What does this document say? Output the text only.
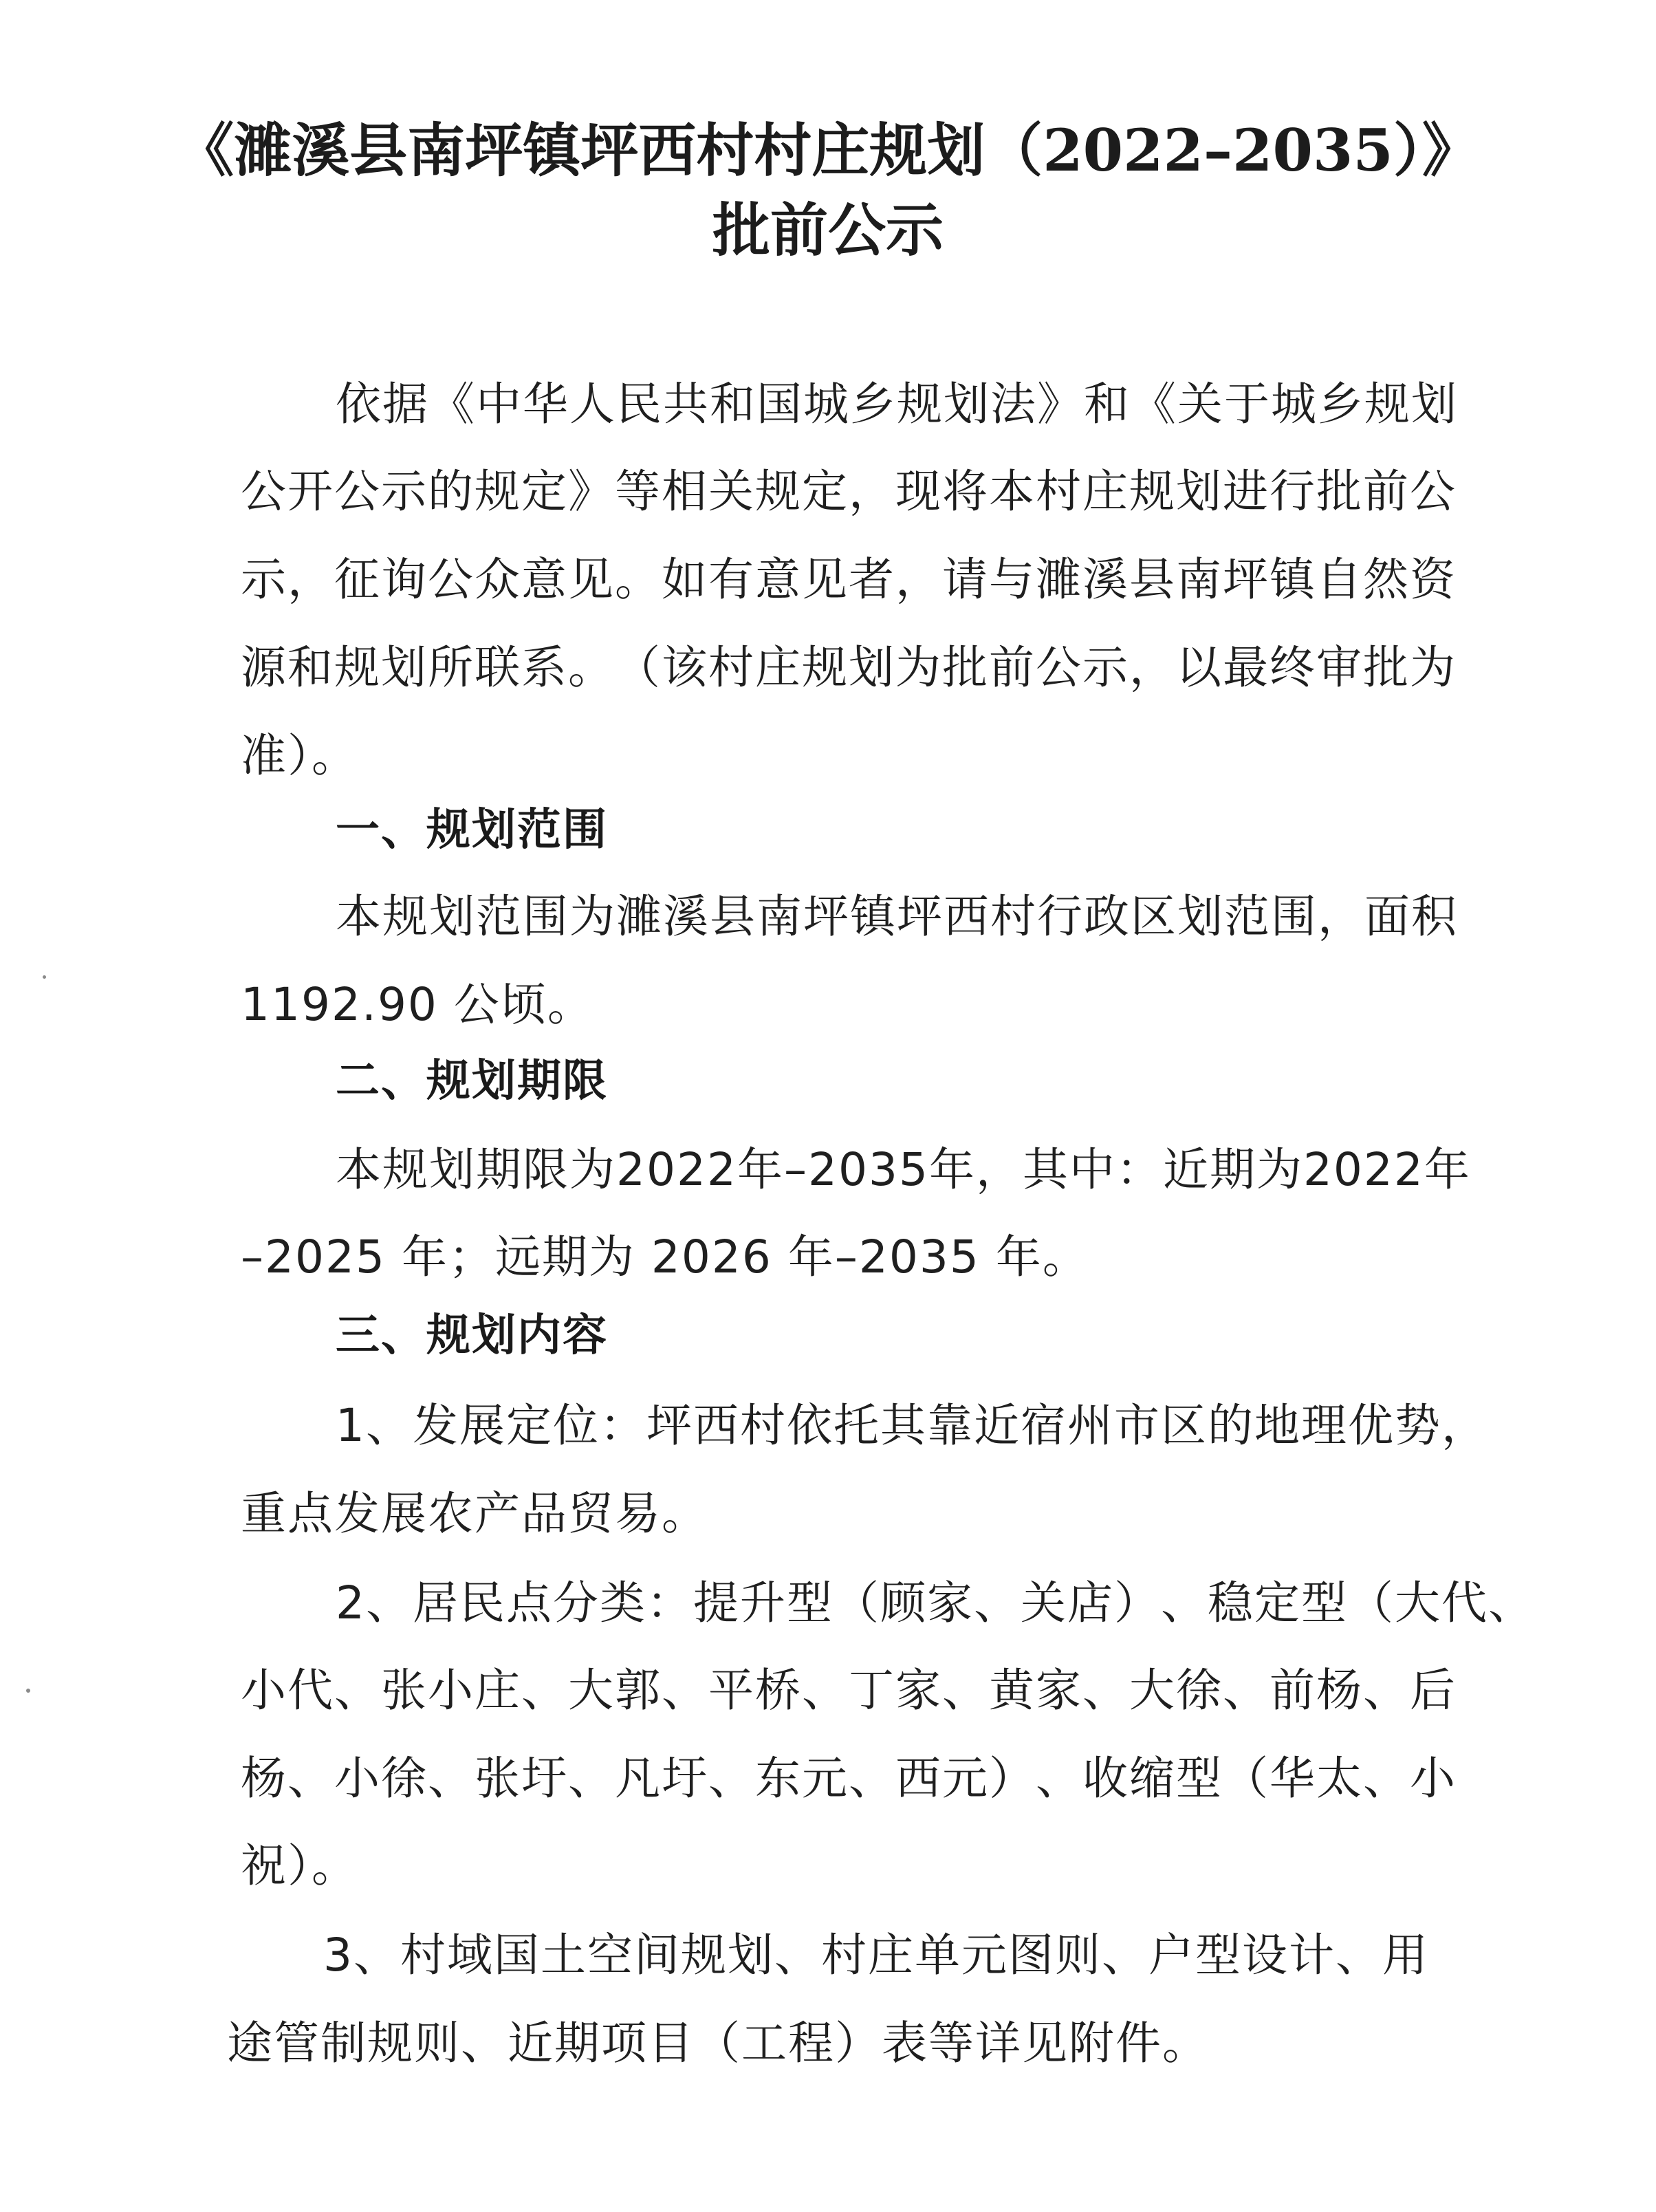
《濉溪县南坪镇坪西村村庄规划（2022–2035）》
批前公示
依 据 《 中 华 人 民 共 和 国 城 乡 规 划 法 》 和 《 关 于 城 乡 规 划
公 开 公 示 的 规 定 》 等 相 关 规 定 ， 现 将 本 村 庄 规 划 进 行 批 前 公
示 ， 征 询 公 众 意 见 。 如 有 意 见 者 ， 请 与 濉 溪 县 南 坪 镇 自 然 资
源 和 规 划 所 联 系 。 （ 该 村 庄 规 划 为 批 前 公 示 ， 以 最 终 审 批 为
准）。
一、规划范围
本 规 划 范 围 为 濉 溪 县 南 坪 镇 坪 西 村 行 政 区 划 范 围 ， 面 积
1192.90 公顷。
二、规划期限
本 规 划 期 限 为 2022 年 – 2035 年 ， 其 中 ： 近 期 为 2022 年
–2025 年；远期为 2026 年–2035 年。
三、规划内容
1 、 发 展 定 位 ： 坪 西 村 依 托 其 靠 近 宿 州 市 区 的 地 理 优 势 ，
重点发展农产品贸易。
2 、 居 民 点 分 类 ： 提 升 型 （ 顾 家 、 关 店 ） 、 稳 定 型 （ 大 代 、
小 代 、 张 小 庄 、 大 郭 、 平 桥 、 丁 家 、 黄 家 、 大 徐 、 前 杨 、 后
杨 、 小 徐 、 张 圩 、 凡 圩 、 东 元 、 西 元 ） 、 收 缩 型 （ 华 太 、 小
祝）。
3 、 村 域 国 土 空 间 规 划 、 村 庄 单 元 图 则 、 户 型 设 计 、 用
途管制规则、近期项目（工程）表等详见附件。
